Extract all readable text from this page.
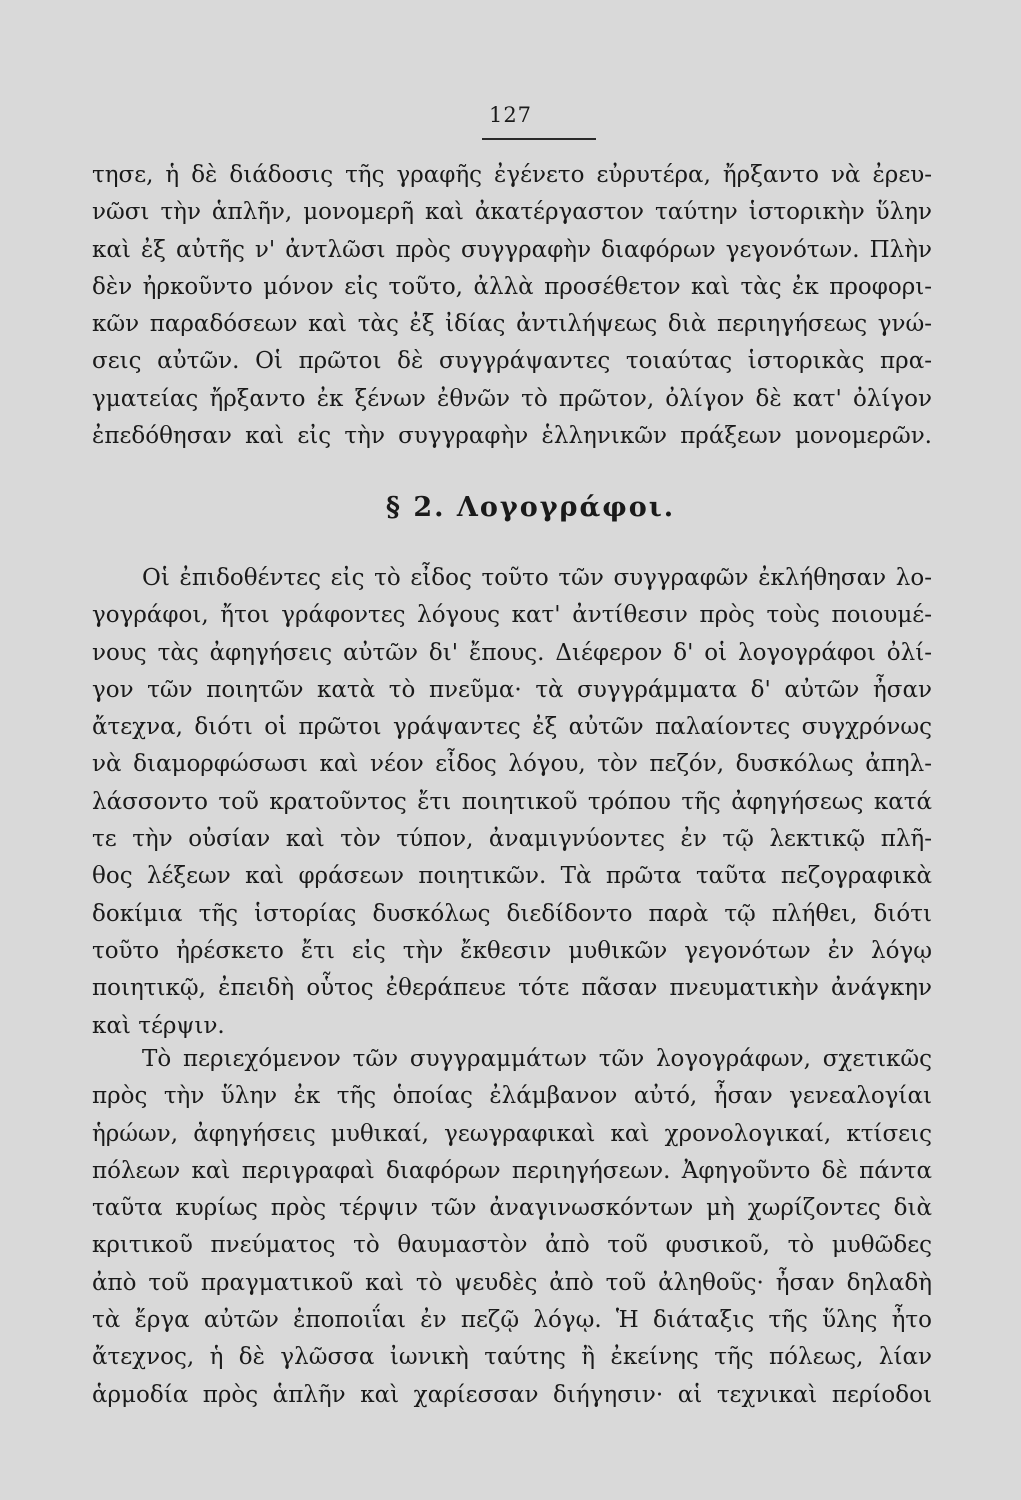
127
τησε, ἡ δὲ διάδοσις τῆς γραφῆς ἐγένετο εὐρυτέρα, ἤρξαντο νὰ ἐρευ-
νῶσι τὴν ἁπλῆν, μονομερῆ καὶ ἀκατέργαστον ταύτην ἱστορικὴν ὕλην
καὶ ἐξ αὐτῆς ν' ἀντλῶσι πρὸς συγγραφὴν διαφόρων γεγονότων. Πλὴν
δὲν ἠρκοῦντο μόνον εἰς τοῦτο, ἀλλὰ προσέθετον καὶ τὰς ἐκ προφορι-
κῶν παραδόσεων καὶ τὰς ἐξ ἰδίας ἀντιλήψεως διὰ περιηγήσεως γνώ-
σεις αὐτῶν. Οἱ πρῶτοι δὲ συγγράψαντες τοιαύτας ἱστορικὰς πρα-
γματείας ἤρξαντο ἐκ ξένων ἐθνῶν τὸ πρῶτον, ὀλίγον δὲ κατ' ὀλίγον
ἐπεδόθησαν καὶ εἰς τὴν συγγραφὴν ἑλληνικῶν πράξεων μονομερῶν.
§ 2. Λογογράφοι.
Οἱ ἐπιδοθέντες εἰς τὸ εἶδος τοῦτο τῶν συγγραφῶν ἐκλήθησαν λο-
γογράφοι, ἤτοι γράφοντες λόγους κατ' ἀντίθεσιν πρὸς τοὺς ποιουμέ-
νους τὰς ἀφηγήσεις αὐτῶν δι' ἔπους. Διέφερον δ' οἱ λογογράφοι ὀλί-
γον τῶν ποιητῶν κατὰ τὸ πνεῦμα· τὰ συγγράμματα δ' αὐτῶν ἦσαν
ἄτεχνα, διότι οἱ πρῶτοι γράψαντες ἐξ αὐτῶν παλαίοντες συγχρόνως
νὰ διαμορφώσωσι καὶ νέον εἶδος λόγου, τὸν πεζόν, δυσκόλως ἀπηλ-
λάσσοντο τοῦ κρατοῦντος ἔτι ποιητικοῦ τρόπου τῆς ἀφηγήσεως κατά
τε τὴν οὐσίαν καὶ τὸν τύπον, ἀναμιγνύοντες ἐν τῷ λεκτικῷ πλῆ-
θος λέξεων καὶ φράσεων ποιητικῶν. Τὰ πρῶτα ταῦτα πεζογραφικὰ
δοκίμια τῆς ἱστορίας δυσκόλως διεδίδοντο παρὰ τῷ πλήθει, διότι
τοῦτο ἠρέσκετο ἔτι εἰς τὴν ἔκθεσιν μυθικῶν γεγονότων ἐν λόγῳ
ποιητικῷ, ἐπειδὴ οὗτος ἐθεράπευε τότε πᾶσαν πνευματικὴν ἀνάγκην
καὶ τέρψιν.
Τὸ περιεχόμενον τῶν συγγραμμάτων τῶν λογογράφων, σχετικῶς
πρὸς τὴν ὕλην ἐκ τῆς ὁποίας ἐλάμβανον αὐτό, ἦσαν γενεαλογίαι
ἡρώων, ἀφηγήσεις μυθικαί, γεωγραφικαὶ καὶ χρονολογικαί, κτίσεις
πόλεων καὶ περιγραφαὶ διαφόρων περιηγήσεων. Ἀφηγοῦντο δὲ πάντα
ταῦτα κυρίως πρὸς τέρψιν τῶν ἀναγινωσκόντων μὴ χωρίζοντες διὰ
κριτικοῦ πνεύματος τὸ θαυμαστὸν ἀπὸ τοῦ φυσικοῦ, τὸ μυθῶδες
ἀπὸ τοῦ πραγματικοῦ καὶ τὸ ψευδὲς ἀπὸ τοῦ ἀληθοῦς· ἦσαν δηλαδὴ
τὰ ἔργα αὐτῶν ἐποποιΐαι ἐν πεζῷ λόγῳ. Ἡ διάταξις τῆς ὕλης ἦτο
ἄτεχνος, ἡ δὲ γλῶσσα ἰωνικὴ ταύτης ἢ ἐκείνης τῆς πόλεως, λίαν
ἁρμοδία πρὸς ἁπλῆν καὶ χαρίεσσαν διήγησιν· αἱ τεχνικαὶ περίοδοι
